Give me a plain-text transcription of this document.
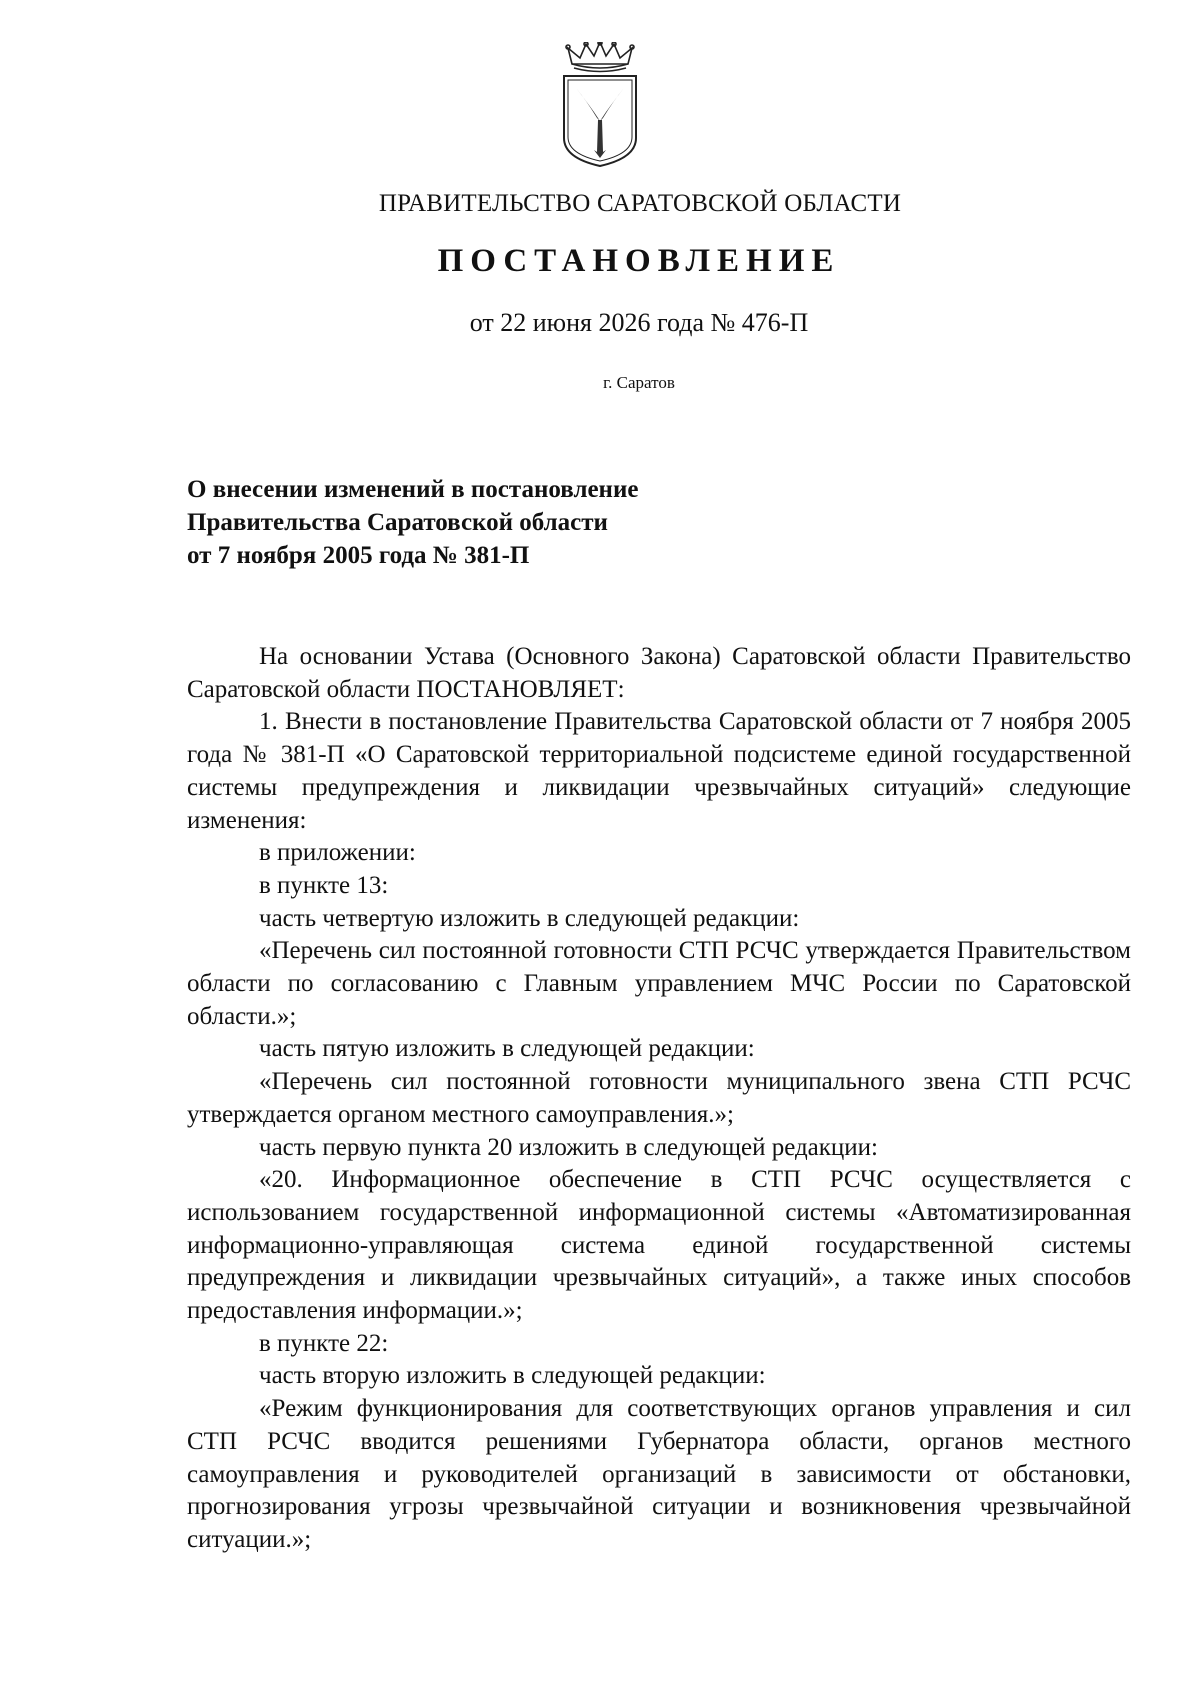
ПРАВИТЕЛЬСТВО САРАТОВСКОЙ ОБЛАСТИ
ПОСТАНОВЛЕНИЕ
от 22 июня 2026 года № 476-П
г. Саратов
О внесении изменений в постановление
Правительства Саратовской области
от 7 ноября 2005 года № 381-П

На основании Устава (Основного Закона) Саратовской области Правительство Саратовской области ПОСТАНОВЛЯЕТ:

1. Внести в постановление Правительства Саратовской области от 7 ноября 2005 года № 381-П «О Саратовской территориальной подсистеме единой государственной системы предупреждения и ликвидации чрезвычайных ситуаций» следующие изменения:

в приложении:

в пункте 13:

часть четвертую изложить в следующей редакции:

«Перечень сил постоянной готовности СТП РСЧС утверждается Правительством области по согласованию с Главным управлением МЧС России по Саратовской области.»;

часть пятую изложить в следующей редакции:

«Перечень сил постоянной готовности муниципального звена СТП РСЧС утверждается органом местного самоуправления.»;

часть первую пункта 20 изложить в следующей редакции:

«20. Информационное обеспечение в СТП РСЧС осуществляется с использованием государственной информационной системы «Автоматизированная информационно-управляющая система единой государственной системы предупреждения и ликвидации чрезвычайных ситуаций», а также иных способов предоставления информации.»;

в пункте 22:

часть вторую изложить в следующей редакции:

«Режим функционирования для соответствующих органов управления и сил СТП РСЧС вводится решениями Губернатора области, органов местного самоуправления и руководителей организаций в зависимости от обстановки, прогнозирования угрозы чрезвычайной ситуации и возникновения чрезвычайной ситуации.»;
